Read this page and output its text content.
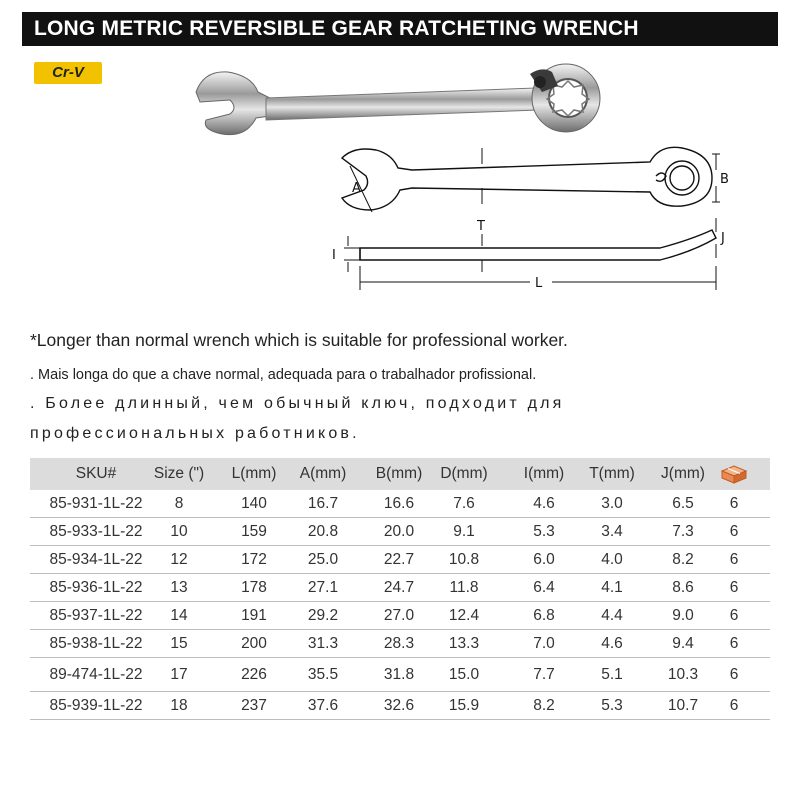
LONG METRIC REVERSIBLE GEAR RATCHETING WRENCH
Cr-V
A
T
B
J
I
L
*Longer than normal wrench which is suitable for professional worker.
. Mais longa do que a chave normal, adequada para o trabalhador profissional.
. Более длинный, чем обычный ключ, подходит для
профессиональных работников.
SKU#	Size (")	L(mm)	A(mm)	B(mm)	D(mm)	I(mm)	T(mm)	J(mm)
85-931-1L-22	8	140	16.7	16.6	7.6	4.6	3.0	6.5	6
85-933-1L-22	10	159	20.8	20.0	9.1	5.3	3.4	7.3	6
85-934-1L-22	12	172	25.0	22.7	10.8	6.0	4.0	8.2	6
85-936-1L-22	13	178	27.1	24.7	11.8	6.4	4.1	8.6	6
85-937-1L-22	14	191	29.2	27.0	12.4	6.8	4.4	9.0	6
85-938-1L-22	15	200	31.3	28.3	13.3	7.0	4.6	9.4	6
89-474-1L-22	17	226	35.5	31.8	15.0	7.7	5.1	10.3	6
85-939-1L-22	18	237	37.6	32.6	15.9	8.2	5.3	10.7	6
